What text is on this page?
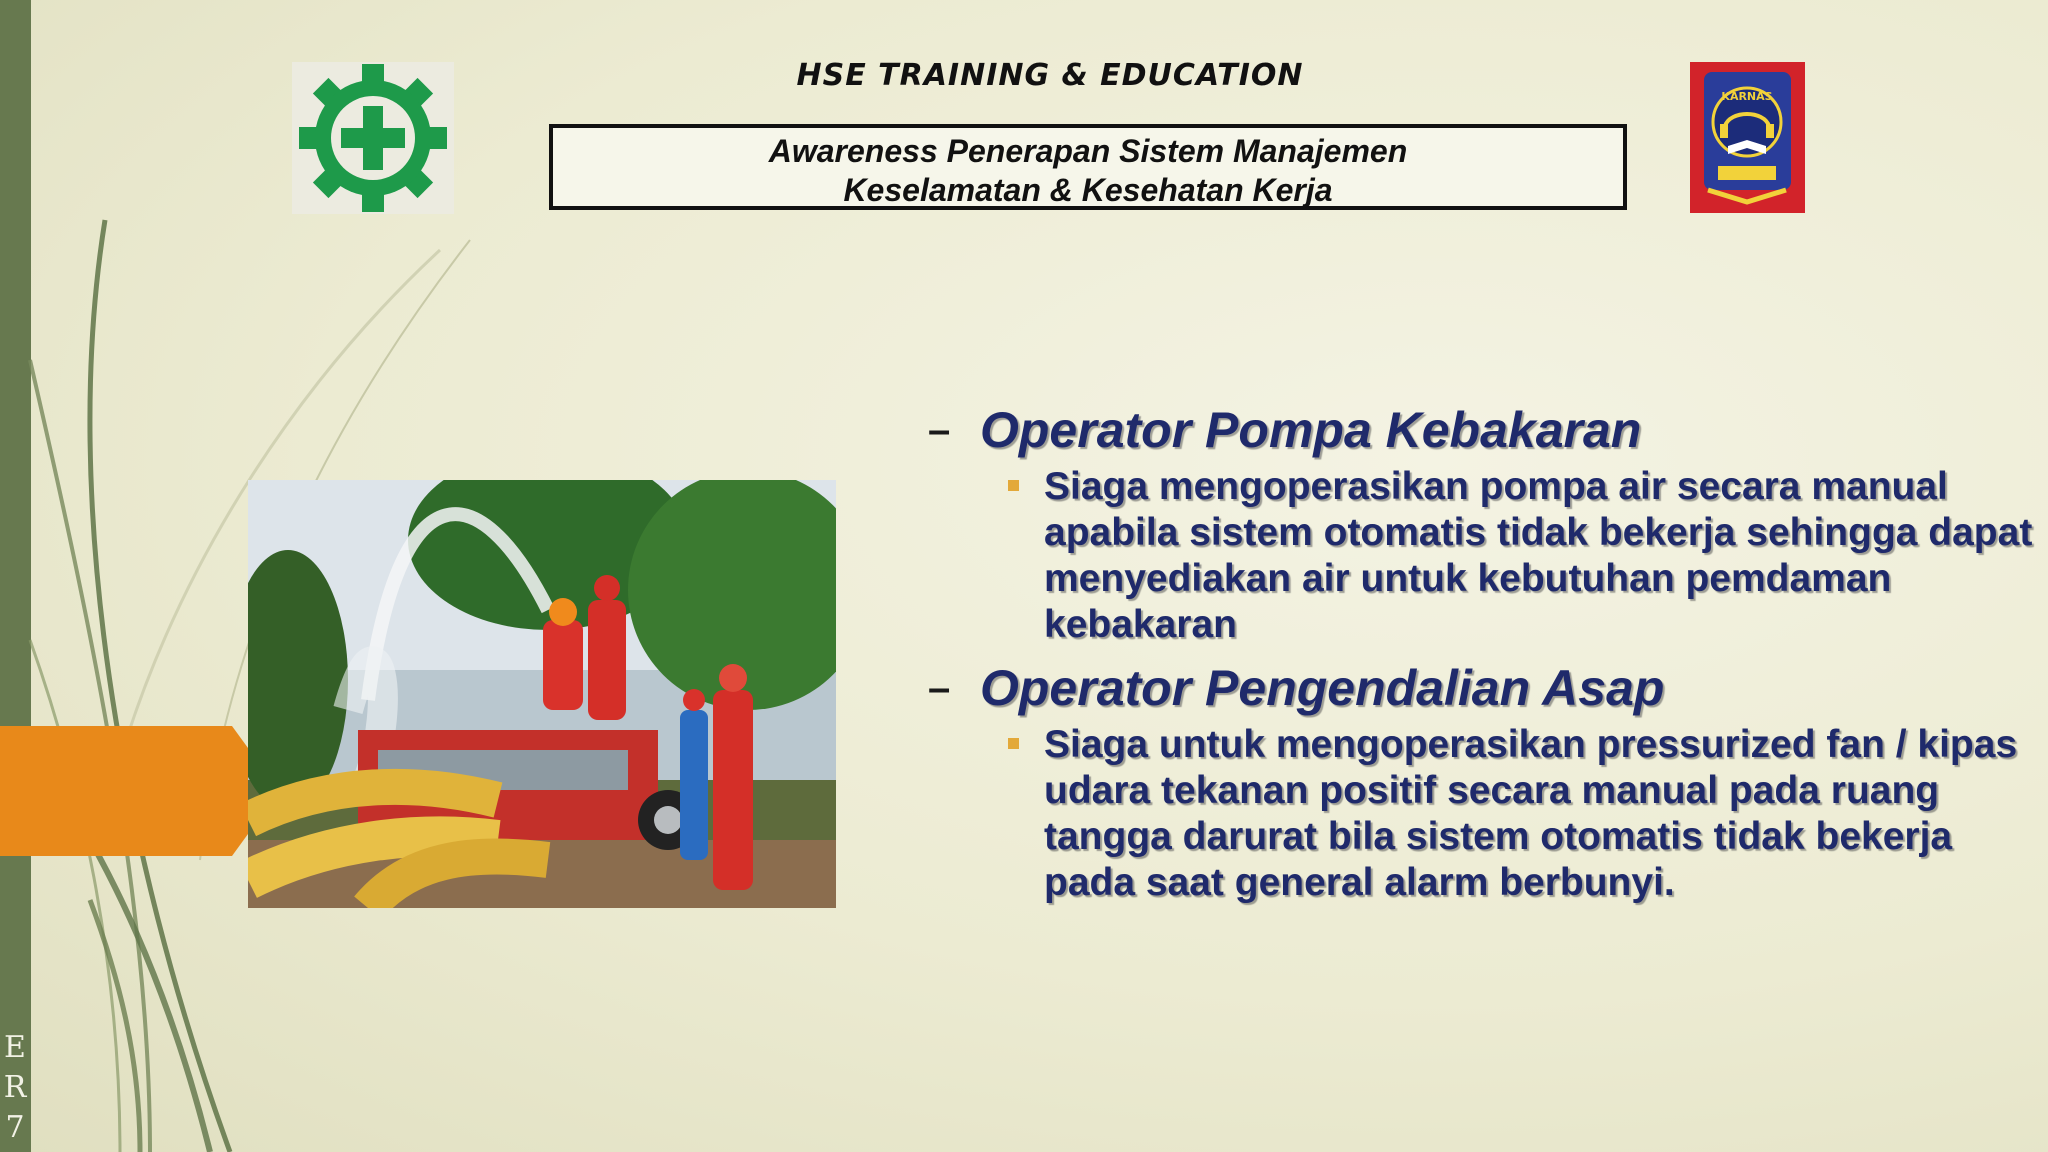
E
R
7
HSE TRAINING & EDUCATION
Awareness Penerapan Sistem Manajemen
Keselamatan & Kesehatan Kerja
KARNAS
– Operator Pompa Kebakaran
Siaga mengoperasikan pompa air secara manual apabila sistem otomatis tidak bekerja sehingga dapat menyediakan air untuk kebutuhan pemdaman kebakaran
– Operator Pengendalian Asap
Siaga untuk mengoperasikan pressurized fan / kipas udara tekanan positif secara manual pada ruang tangga darurat bila sistem otomatis tidak bekerja pada saat general alarm berbunyi.
